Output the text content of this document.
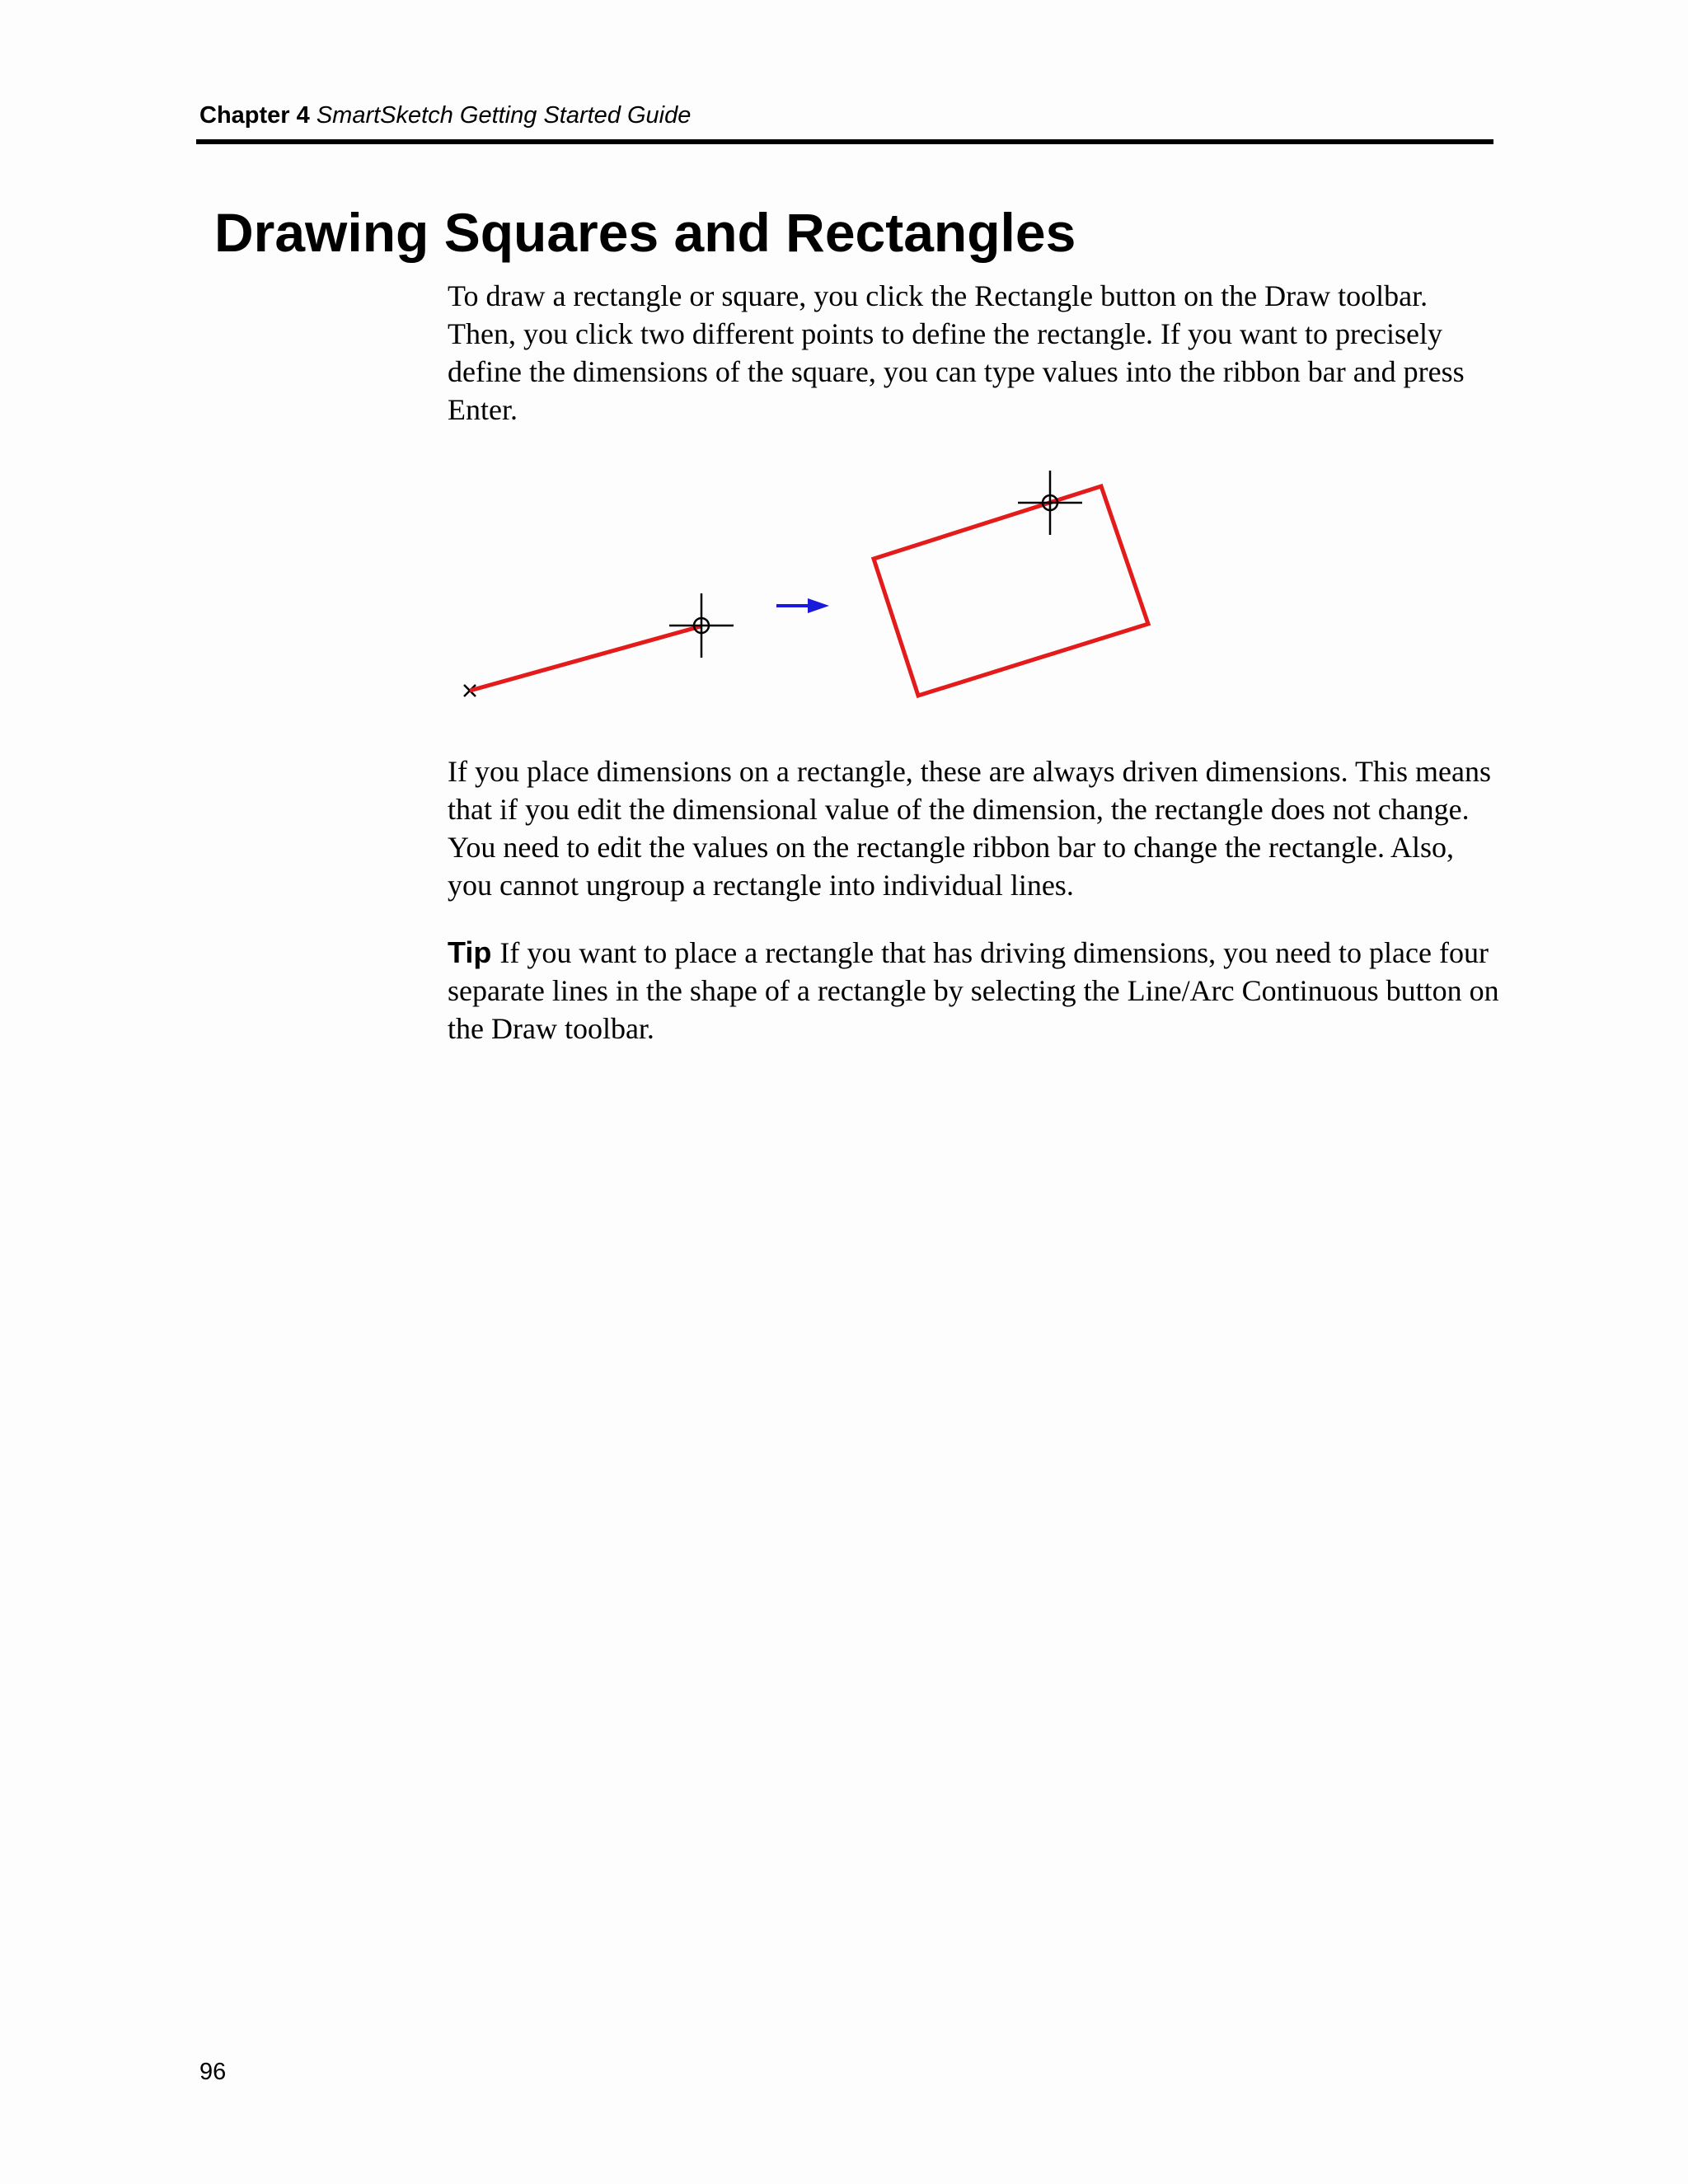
Chapter 4 SmartSketch Getting Started Guide
Drawing Squares and Rectangles

To draw a rectangle or square, you click the Rectangle button on the Draw toolbar. Then, you click two different points to define the rectangle. If you want to precisely define the dimensions of the square, you can type values into the ribbon bar and press Enter.

If you place dimensions on a rectangle, these are always driven dimensions. This means that if you edit the dimensional value of the dimension, the rectangle does not change. You need to edit the values on the rectangle ribbon bar to change the rectangle. Also, you cannot ungroup a rectangle into individual lines.

Tip If you want to place a rectangle that has driving dimensions, you need to place four separate lines in the shape of a rectangle by selecting the Line/Arc Continuous button on the Draw toolbar.

96
